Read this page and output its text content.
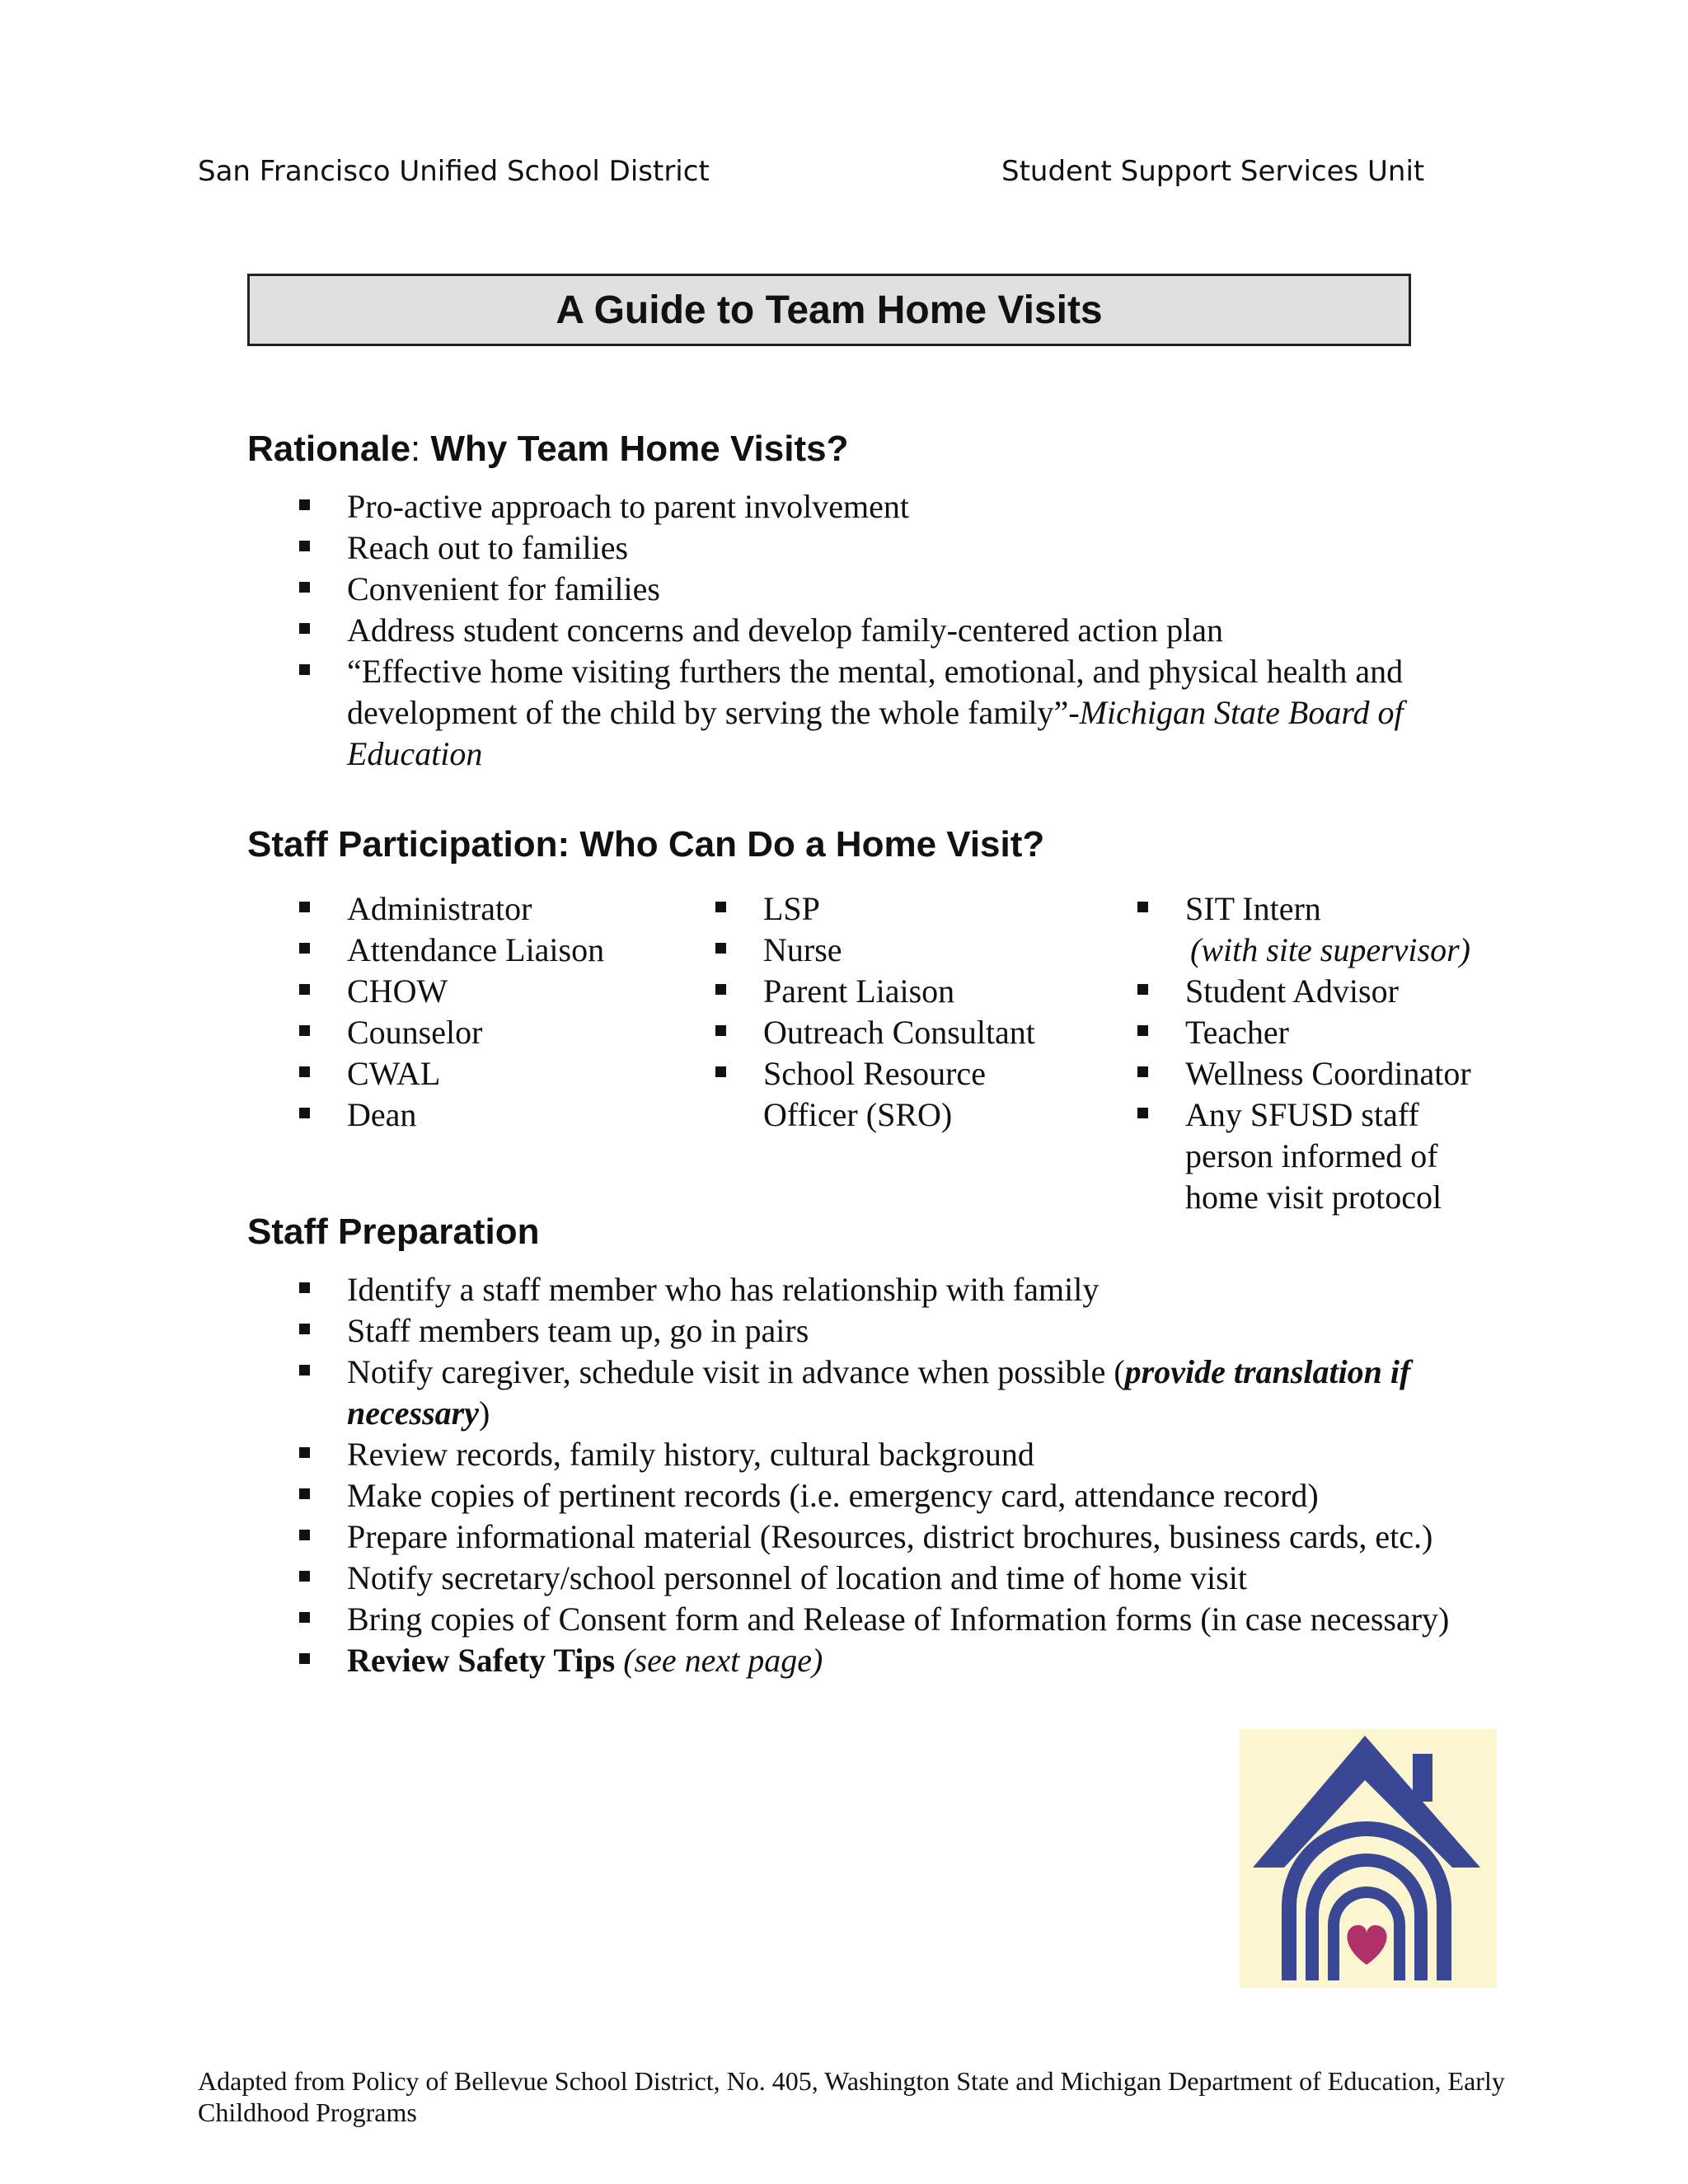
San Francisco Unified School District	Student Support Services Unit
A Guide to Team Home Visits
Rationale: Why Team Home Visits?
Pro-active approach to parent involvement
Reach out to families
Convenient for families
Address student concerns and develop family-centered action plan
“Effective home visiting furthers the mental, emotional, and physical health and development of the child by serving the whole family”-Michigan State Board of Education
Staff Participation: Who Can Do a Home Visit?
Administrator
Attendance Liaison
CHOW
Counselor
CWAL
Dean
LSP
Nurse
Parent Liaison
Outreach Consultant
School Resource Officer (SRO)
SIT Intern
(with site supervisor)
Student Advisor
Teacher
Wellness Coordinator
Any SFUSD staff person informed of home visit protocol
Staff Preparation
Identify a staff member who has relationship with family
Staff members team up, go in pairs
Notify caregiver, schedule visit in advance when possible (provide translation if necessary)
Review records, family history, cultural background
Make copies of pertinent records (i.e. emergency card, attendance record)
Prepare informational material (Resources, district brochures, business cards, etc.)
Notify secretary/school personnel of location and time of home visit
Bring copies of Consent form and Release of Information forms (in case necessary)
Review Safety Tips (see next page)
Adapted from Policy of Bellevue School District, No. 405, Washington State and Michigan Department of Education, Early Childhood Programs
